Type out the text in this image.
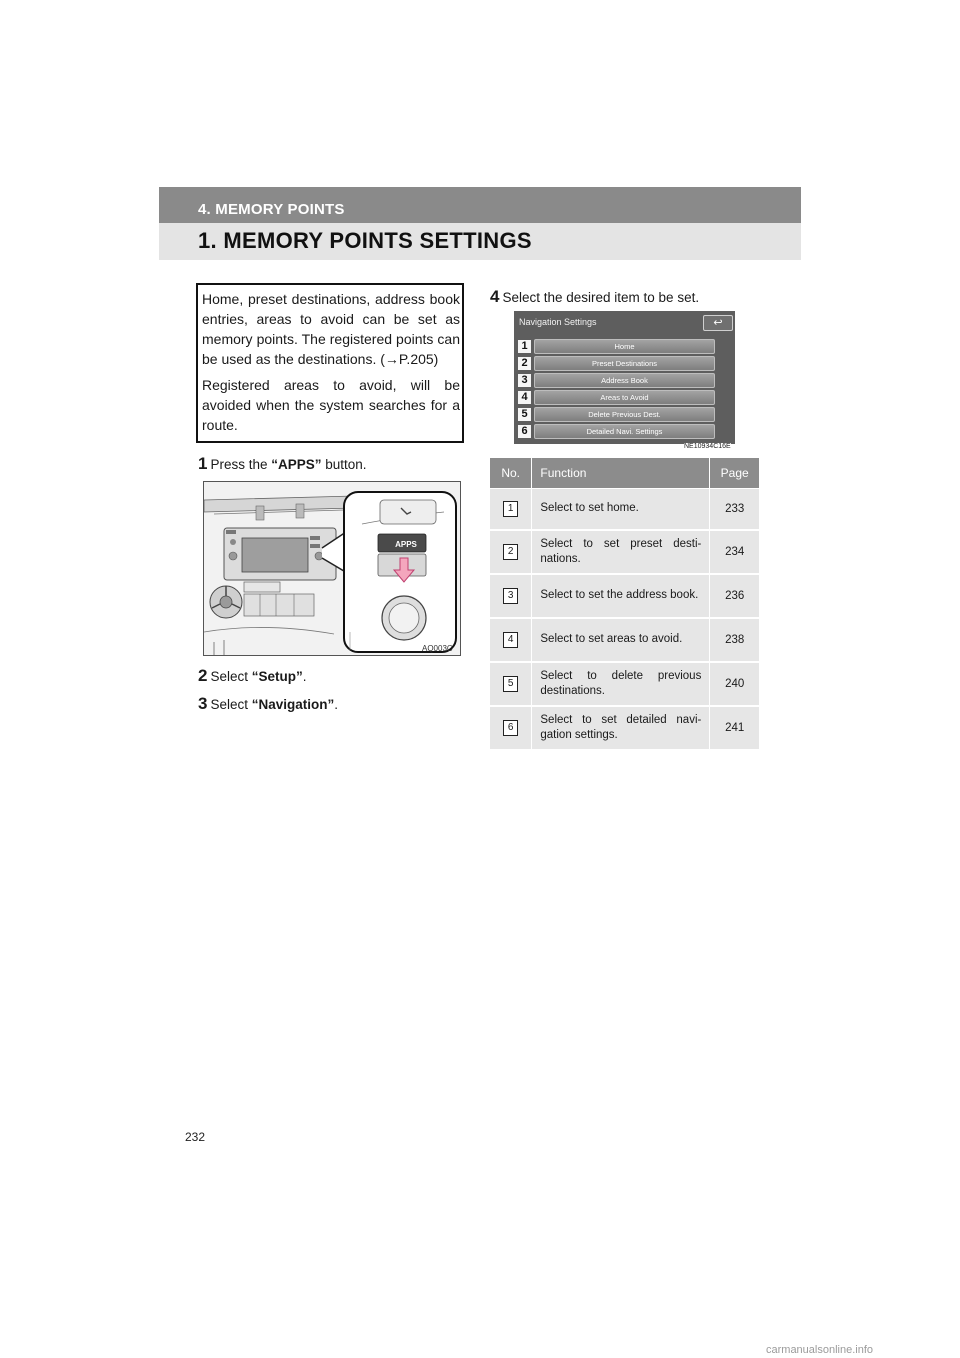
4. MEMORY POINTS
1. MEMORY POINTS SETTINGS

Home, preset destinations, address book entries, areas to avoid can be set as memory points. The registered points can be used as the destinations. (→P.205)

Registered areas to avoid, will be avoided when the system searches for a route.

1 Press the “APPS” button.
APPS
AQ003C
2 Select “Setup”.
3 Select “Navigation”.
4 Select the desired item to be set.
Navigation Settings	↩
1	Home
2	Preset Destinations
3	Address Book
4	Areas to Avoid
5	Delete Previous Dest.
6	Detailed Navi. Settings
NE10934C16E
No.	Function	Page
1	Select to set home.	233
2	Select to set preset desti-nations.	234
3	Select to set the address book.	236
4	Select to set areas to avoid.	238
5	Select to delete previous destinations.	240
6	Select to set detailed navi-gation settings.	241
232
carmanualsonline.info
